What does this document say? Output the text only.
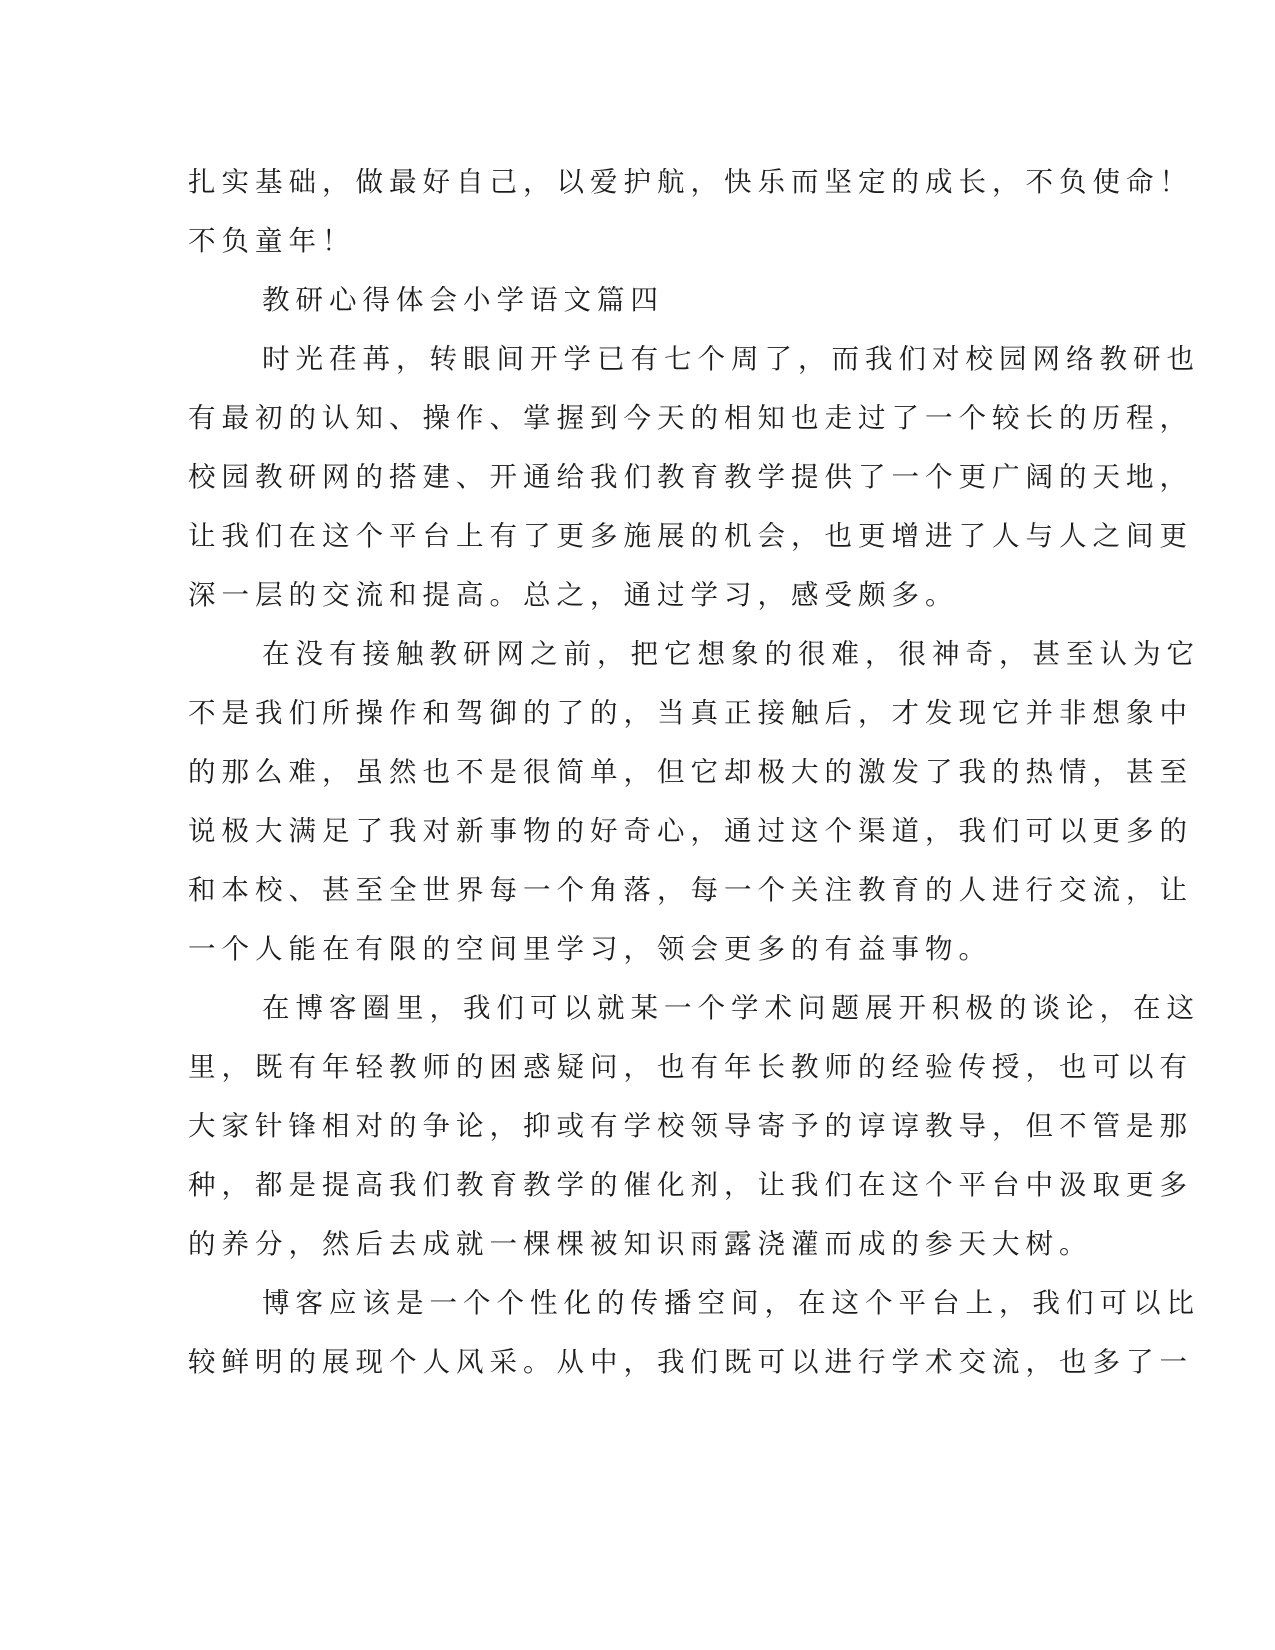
扎实基础，做最好自己，以爱护航，快乐而坚定的成长，不负使命！
不负童年！
教研心得体会小学语文篇四
时光荏苒，转眼间开学已有七个周了，而我们对校园网络教研也
有最初的认知、操作、掌握到今天的相知也走过了一个较长的历程，
校园教研网的搭建、开通给我们教育教学提供了一个更广阔的天地，
让我们在这个平台上有了更多施展的机会，也更增进了人与人之间更
深一层的交流和提高。总之，通过学习，感受颇多。
在没有接触教研网之前，把它想象的很难，很神奇，甚至认为它
不是我们所操作和驾御的了的，当真正接触后，才发现它并非想象中
的那么难，虽然也不是很简单，但它却极大的激发了我的热情，甚至
说极大满足了我对新事物的好奇心，通过这个渠道，我们可以更多的
和本校、甚至全世界每一个角落，每一个关注教育的人进行交流，让
一个人能在有限的空间里学习，领会更多的有益事物。
在博客圈里，我们可以就某一个学术问题展开积极的谈论，在这
里，既有年轻教师的困惑疑问，也有年长教师的经验传授，也可以有
大家针锋相对的争论，抑或有学校领导寄予的谆谆教导，但不管是那
种，都是提高我们教育教学的催化剂，让我们在这个平台中汲取更多
的养分，然后去成就一棵棵被知识雨露浇灌而成的参天大树。
博客应该是一个个性化的传播空间，在这个平台上，我们可以比
较鲜明的展现个人风采。从中，我们既可以进行学术交流，也多了一
